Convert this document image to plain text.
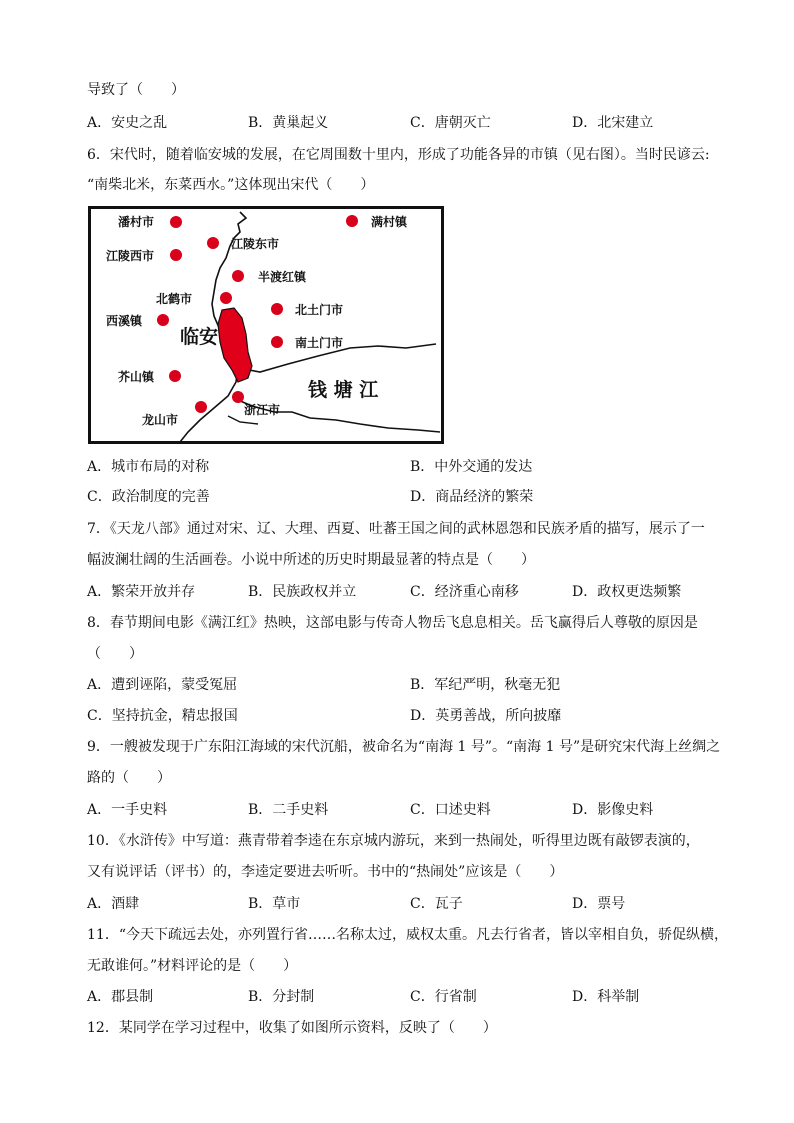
导致了（　　）
A．安史之乱	B．黄巢起义	C．唐朝灭亡	D．北宋建立
6．宋代时，随着临安城的发展，在它周围数十里内，形成了功能各异的市镇（见右图）。当时民谚云:
“南柴北米，东菜西水。”这体现出宋代（　　）
潘村市
江陵东市
满村镇
江陵西市
半渡红镇
北鹤市
北土门市
西溪镇
南土门市
芥山镇
浙江市
龙山市
临安
钱 塘 江
A．城市布局的对称	B．中外交通的发达
C．政治制度的完善	D．商品经济的繁荣
7．《天龙八部》通过对宋、辽、大理、西夏、吐蕃王国之间的武林恩怨和民族矛盾的描写，展示了一
幅波澜壮阔的生活画卷。小说中所述的历史时期最显著的特点是（　　）
A．繁荣开放并存	B．民族政权并立	C．经济重心南移	D．政权更迭频繁
8．春节期间电影《满江红》热映，这部电影与传奇人物岳飞息息相关。岳飞赢得后人尊敬的原因是
（　　）
A．遭到诬陷，蒙受冤屈	B．军纪严明，秋毫无犯
C．坚持抗金，精忠报国	D．英勇善战，所向披靡
9．一艘被发现于广东阳江海域的宋代沉船，被命名为“南海 1 号”。“南海 1 号”是研究宋代海上丝绸之
路的（　　）
A．一手史料	B．二手史料	C．口述史料	D．影像史料
10．《水浒传》中写道：燕青带着李逵在东京城内游玩，来到一热闹处，听得里边既有敲锣表演的，
又有说评话（评书）的，李逵定要进去听听。书中的“热闹处”应该是（　　）
A．酒肆	B．草市	C．瓦子	D．票号
11．“今天下疏远去处，亦列置行省……名称太过，威权太重。凡去行省者，皆以宰相自负，骄促纵横，
无敢谁何。”材料评论的是（　　）
A．郡县制	B．分封制	C．行省制	D．科举制
12．某同学在学习过程中，收集了如图所示资料，反映了（　　）
